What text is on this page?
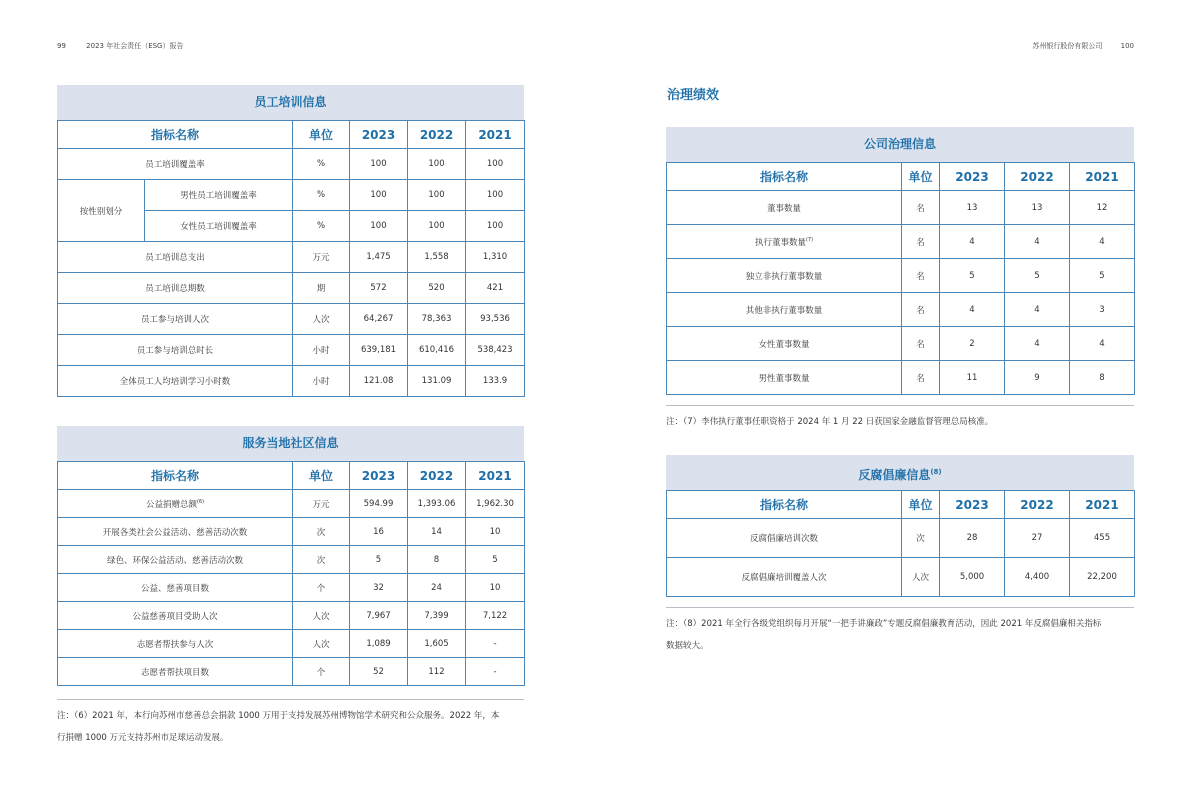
99	2023 年社会责任（ESG）报告	苏州银行股份有限公司	100
员工培训信息
指标名称		单位	2023	2022	2021
员工培训覆盖率		%	100	100	100
按性别划分	男性员工培训覆盖率	%	100	100	100
	女性员工培训覆盖率	%	100	100	100
员工培训总支出		万元	1,475	1,558	1,310
员工培训总期数		期	572	520	421
员工参与培训人次		人次	64,267	78,363	93,536
员工参与培训总时长		小时	639,181	610,416	538,423
全体员工人均培训学习小时数		小时	121.08	131.09	133.9
服务当地社区信息
指标名称	单位	2023	2022	2021
公益捐赠总额$^{(6)}$	万元	594.99	1,393.06	1,962.30
开展各类社会公益活动、慈善活动次数	次	16	14	10
绿色、环保公益活动、慈善活动次数	次	5	8	5
公益、慈善项目数	个	32	24	10
公益慈善项目受助人次	人次	7,967	7,399	7,122
志愿者帮扶参与人次	人次	1,089	1,605	-
志愿者帮扶项目数	个	52	112	-
注：（6）2021 年，本行向苏州市慈善总会捐款 1000 万用于支持发展苏州博物馆学术研究和公众服务。2022 年，本
行捐赠 1000 万元支持苏州市足球运动发展。
治理绩效
公司治理信息
指标名称	单位	2023	2022	2021
董事数量	名	13	13	12
执行董事数量$^{(7)}$	名	4	4	4
独立非执行董事数量	名	5	5	5
其他非执行董事数量	名	4	4	3
女性董事数量	名	2	4	4
男性董事数量	名	11	9	8
注：（7）李伟执行董事任职资格于 2024 年 1 月 22 日获国家金融监督管理总局核准。
反腐倡廉信息$^{(8)}$
指标名称	单位	2023	2022	2021
反腐倡廉培训次数	次	28	27	455
反腐倡廉培训覆盖人次	人次	5,000	4,400	22,200
注：（8）2021 年全行各级党组织每月开展“一把手讲廉政”专题反腐倡廉教育活动，因此 2021 年反腐倡廉相关指标
数据较大。
